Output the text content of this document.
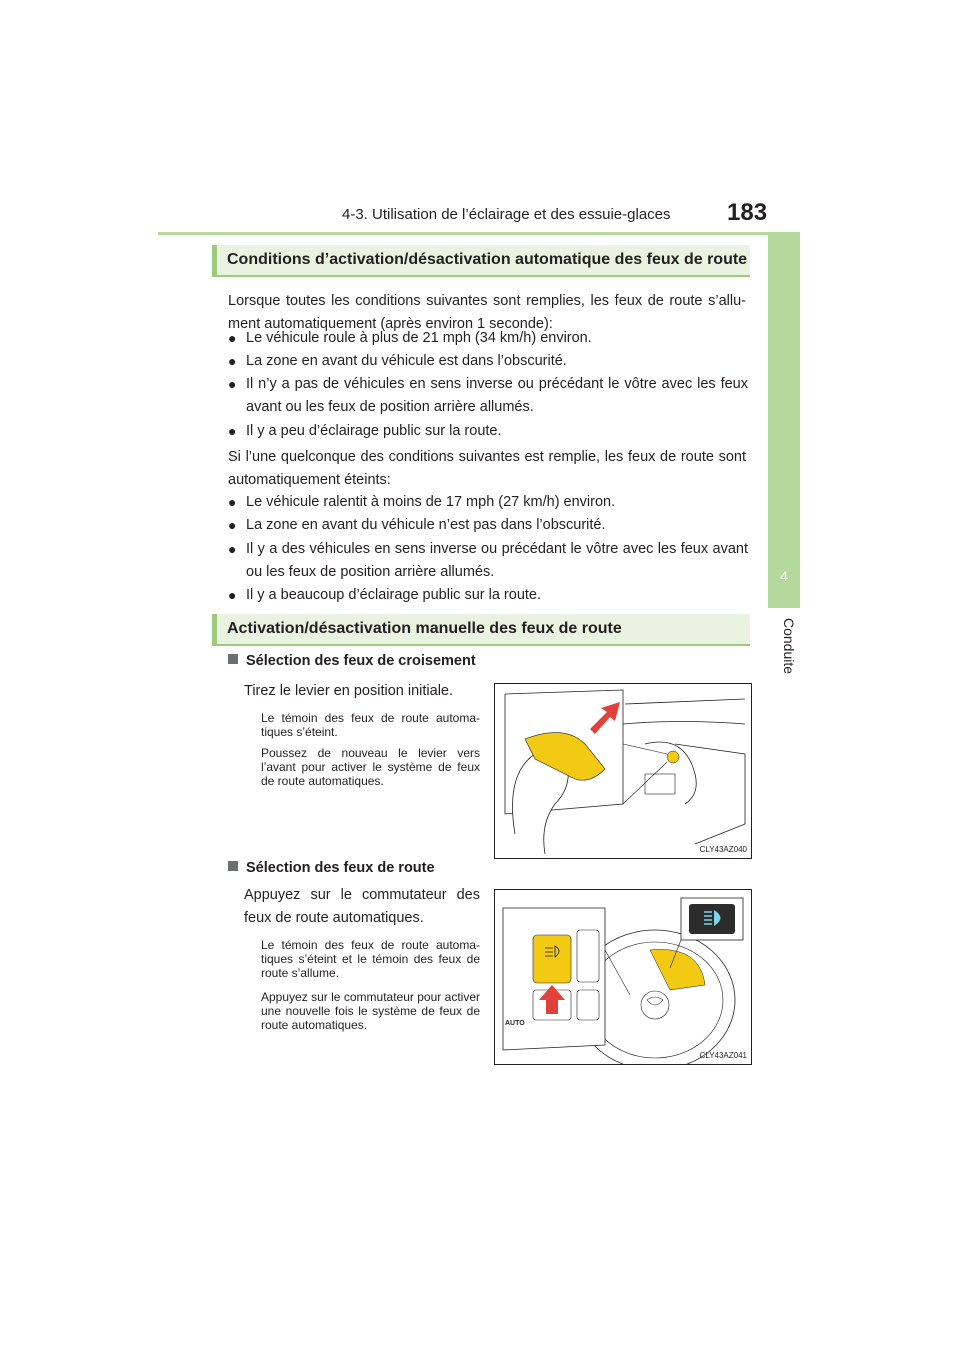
4-3. Utilisation de l’éclairage et des essuie-glaces 183
4
Conduite
Conditions d’activation/désactivation automatique des feux de route
Lorsque toutes les conditions suivantes sont remplies, les feux de route s’allument automatiquement (après environ 1 seconde):
● Le véhicule roule à plus de 21 mph (34 km/h) environ.
● La zone en avant du véhicule est dans l’obscurité.
● Il n’y a pas de véhicules en sens inverse ou précédant le vôtre avec les feux avant ou les feux de position arrière allumés.
● Il y a peu d’éclairage public sur la route.
Si l’une quelconque des conditions suivantes est remplie, les feux de route sont automatiquement éteints:
● Le véhicule ralentit à moins de 17 mph (27 km/h) environ.
● La zone en avant du véhicule n’est pas dans l’obscurité.
● Il y a des véhicules en sens inverse ou précédant le vôtre avec les feux avant ou les feux de position arrière allumés.
● Il y a beaucoup d’éclairage public sur la route.
Activation/désactivation manuelle des feux de route
Sélection des feux de croisement
Tirez le levier en position initiale.
Le témoin des feux de route automatiques s’éteint.
Poussez de nouveau le levier vers l’avant pour activer le système de feux de route automatiques.
CLY43AZ040
Sélection des feux de route
Appuyez sur le commutateur des feux de route automatiques.
Le témoin des feux de route automatiques s’éteint et le témoin des feux de route s’allume.
Appuyez sur le commutateur pour activer une nouvelle fois le système de feux de route automatiques.	AUTO
CLY43AZ041
